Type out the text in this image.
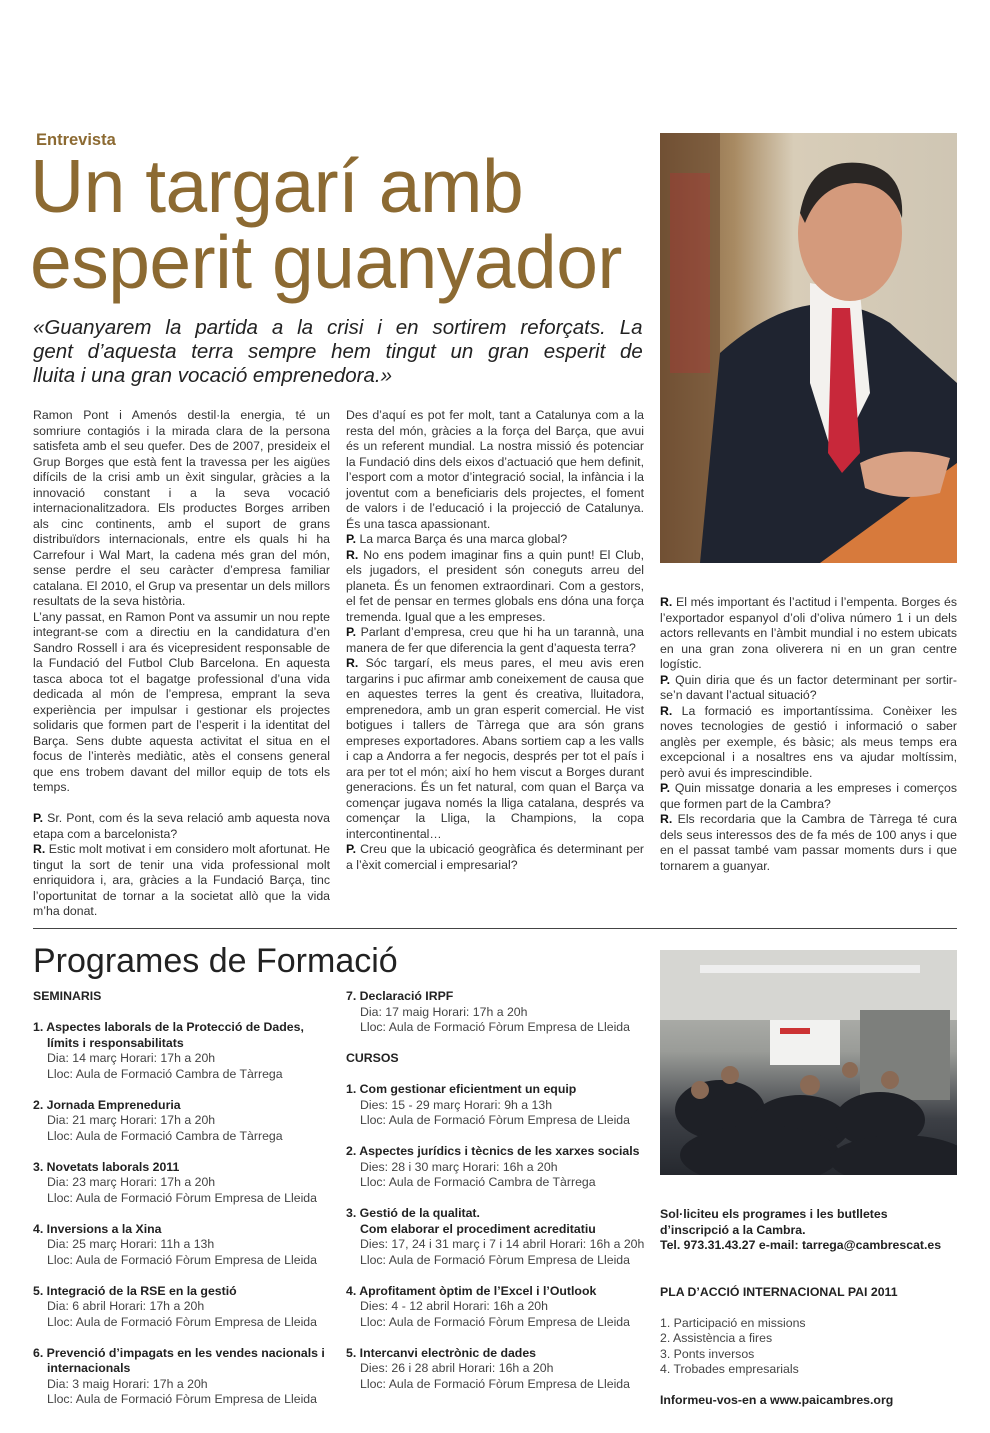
Entrevista
Un targarí amb
esperit guanyador
«Guanyarem la partida a la crisi i en sortirem reforçats. La
gent d’aquesta terra sempre hem tingut un gran esperit de
lluita i una gran vocació emprenedora.»

Ramon Pont i Amenós destil·la energia, té un somriure contagiós i la mirada clara de la persona satisfeta amb el seu quefer. Des de 2007, presideix el Grup Borges que està fent la travessa per les aigües difícils de la crisi amb un èxit singular, gràcies a la innovació constant i a la seva vocació internacionalitzadora. Els productes Borges arriben als cinc continents, amb el suport de grans distribuïdors internacionals, entre els quals hi ha Carrefour i Wal Mart, la cadena més gran del món, sense perdre el seu caràcter d’empresa familiar catalana. El 2010, el Grup va presentar un dels millors resultats de la seva història.

L’any passat, en Ramon Pont va assumir un nou repte integrant-se com a directiu en la candidatura d’en Sandro Rossell i ara és vicepresident responsable de la Fundació del Futbol Club Barcelona. En aquesta tasca aboca tot el bagatge professional d’una vida dedicada al món de l’empresa, emprant la seva experiència per impulsar i gestionar els projectes solidaris que formen part de l’esperit i la identitat del Barça. Sens dubte aquesta activitat el situa en el focus de l’interès mediàtic, atès el consens general que ens trobem davant del millor equip de tots els temps.

P. Sr. Pont, com és la seva relació amb aquesta nova etapa com a barcelonista?

R. Estic molt motivat i em considero molt afortunat. He tingut la sort de tenir una vida professional molt enriquidora i, ara, gràcies a la Fundació Barça, tinc l’oportunitat de tornar a la societat allò que la vida m’ha donat.

Des d’aquí es pot fer molt, tant a Catalunya com a la resta del món, gràcies a la força del Barça, que avui és un referent mundial. La nostra missió és potenciar la Fundació dins dels eixos d’actuació que hem definit, l’esport com a motor d’integració social, la infància i la joventut com a beneficiaris dels projectes, el foment de valors i de l’educació i la projecció de Catalunya. És una tasca apassionant.

P. La marca Barça és una marca global?

R. No ens podem imaginar fins a quin punt! El Club, els jugadors, el president són coneguts arreu del planeta. És un fenomen extraordinari. Com a gestors, el fet de pensar en termes globals ens dóna una força tremenda. Igual que a les empreses.

P. Parlant d’empresa, creu que hi ha un tarannà, una manera de fer que diferencia la gent d’aquesta terra?

R. Sóc targarí, els meus pares, el meu avis eren targarins i puc afirmar amb coneixement de causa que en aquestes terres la gent és creativa, lluitadora, emprenedora, amb un gran esperit comercial. He vist botigues i tallers de Tàrrega que ara són grans empreses exportadores. Abans sortiem cap a les valls i cap a Andorra a fer negocis, després per tot el país i ara per tot el món; així ho hem viscut a Borges durant generacions. És un fet natural, com quan el Barça va començar jugava només la lliga catalana, després va començar la Lliga, la Champions, la copa intercontinental…

P. Creu que la ubicació geogràfica és determinant per a l’èxit comercial i empresarial?

R. El més important és l’actitud i l’empenta. Borges és l’exportador espanyol d’oli d’oliva número 1 i un dels actors rellevants en l’àmbit mundial i no estem ubicats en una gran zona oliverera ni en un gran centre logístic.

P. Quin diria que és un factor determinant per sortir-se’n davant l’actual situació?

R. La formació es importantíssima. Conèixer les noves tecnologies de gestió i informació o saber anglès per exemple, és bàsic; als meus temps era excepcional i a nosaltres ens va ajudar moltíssim, però avui és imprescindible.

P. Quin missatge donaria a les empreses i comerços que formen part de la Cambra?

R. Els recordaria que la Cambra de Tàrrega té cura dels seus interessos des de fa més de 100 anys i que en el passat també vam passar moments durs i que tornarem a guanyar.

Programes de Formació
SEMINARIS
1. Aspectes laborals de la Protecció de Dades, límits i responsabilitats
Dia: 14 març Horari: 17h a 20h
Lloc: Aula de Formació Cambra de Tàrrega
2. Jornada Empreneduria
Dia: 21 març Horari: 17h a 20h
Lloc: Aula de Formació Cambra de Tàrrega
3. Novetats laborals 2011
Dia: 23 març Horari: 17h a 20h
Lloc: Aula de Formació Fòrum Empresa de Lleida
4. Inversions a la Xina
Dia: 25 març Horari: 11h a 13h
Lloc: Aula de Formació Fòrum Empresa de Lleida
5. Integració de la RSE en la gestió
Dia: 6 abril Horari: 17h a 20h
Lloc: Aula de Formació Fòrum Empresa de Lleida
6. Prevenció d’impagats en les vendes nacionals i internacionals
Dia: 3 maig Horari: 17h a 20h
Lloc: Aula de Formació Fòrum Empresa de Lleida
7. Declaració IRPF
Dia: 17 maig Horari: 17h a 20h
Lloc: Aula de Formació Fòrum Empresa de Lleida
CURSOS
1. Com gestionar eficientment un equip
Dies: 15 - 29 març Horari: 9h a 13h
Lloc: Aula de Formació Fòrum Empresa de Lleida
2. Aspectes jurídics i tècnics de les xarxes socials
Dies: 28 i 30 març Horari: 16h a 20h
Lloc: Aula de Formació Cambra de Tàrrega
3. Gestió de la qualitat.
Com elaborar el procediment acreditatiu
Dies: 17, 24 i 31 març i 7 i 14 abril Horari: 16h a 20h
Lloc: Aula de Formació Fòrum Empresa de Lleida
4. Aprofitament òptim de l’Excel i l’Outlook
Dies: 4 - 12 abril Horari: 16h a 20h
Lloc: Aula de Formació Fòrum Empresa de Lleida
5. Intercanvi electrònic de dades
Dies: 26 i 28 abril Horari: 16h a 20h
Lloc: Aula de Formació Fòrum Empresa de Lleida
Sol·liciteu els programes i les butlletes
d’inscripció a la Cambra.
Tel. 973.31.43.27 e-mail: tarrega@cambrescat.es
PLA D’ACCIÓ INTERNACIONAL PAI 2011
1. Participació en missions
2. Assistència a fires
3. Ponts inversos
4. Trobades empresarials
Informeu-vos-en a www.paicambres.org
